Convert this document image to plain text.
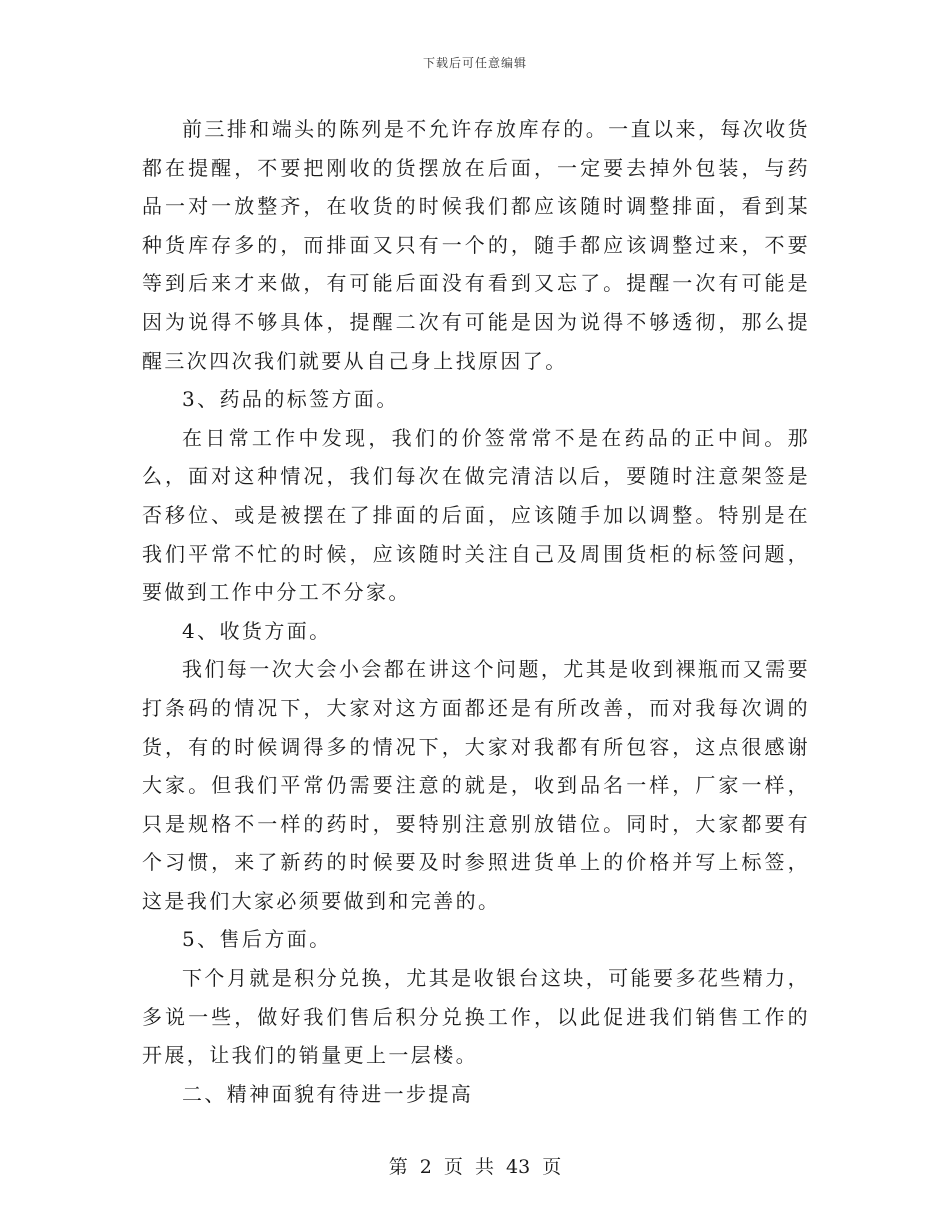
下载后可任意编辑

前三排和端头的陈列是不允许存放库存的。一直以来，每次收货都在提醒，不要把刚收的货摆放在后面，一定要去掉外包装，与药品一对一放整齐，在收货的时候我们都应该随时调整排面，看到某种货库存多的，而排面又只有一个的，随手都应该调整过来，不要等到后来才来做，有可能后面没有看到又忘了。提醒一次有可能是因为说得不够具体，提醒二次有可能是因为说得不够透彻，那么提醒三次四次我们就要从自己身上找原因了。

3、药品的标签方面。

在日常工作中发现，我们的价签常常不是在药品的正中间。那么，面对这种情况，我们每次在做完清洁以后，要随时注意架签是否移位、或是被摆在了排面的后面，应该随手加以调整。特别是在我们平常不忙的时候，应该随时关注自己及周围货柜的标签问题，要做到工作中分工不分家。

4、收货方面。

我们每一次大会小会都在讲这个问题，尤其是收到裸瓶而又需要打条码的情况下，大家对这方面都还是有所改善，而对我每次调的货，有的时候调得多的情况下，大家对我都有所包容，这点很感谢大家。但我们平常仍需要注意的就是，收到品名一样，厂家一样，只是规格不一样的药时，要特别注意别放错位。同时，大家都要有个习惯，来了新药的时候要及时参照进货单上的价格并写上标签，这是我们大家必须要做到和完善的。

5、售后方面。

下个月就是积分兑换，尤其是收银台这块，可能要多花些精力，多说一些，做好我们售后积分兑换工作，以此促进我们销售工作的开展，让我们的销量更上一层楼。

二、精神面貌有待进一步提高

第 2 页 共 43 页
